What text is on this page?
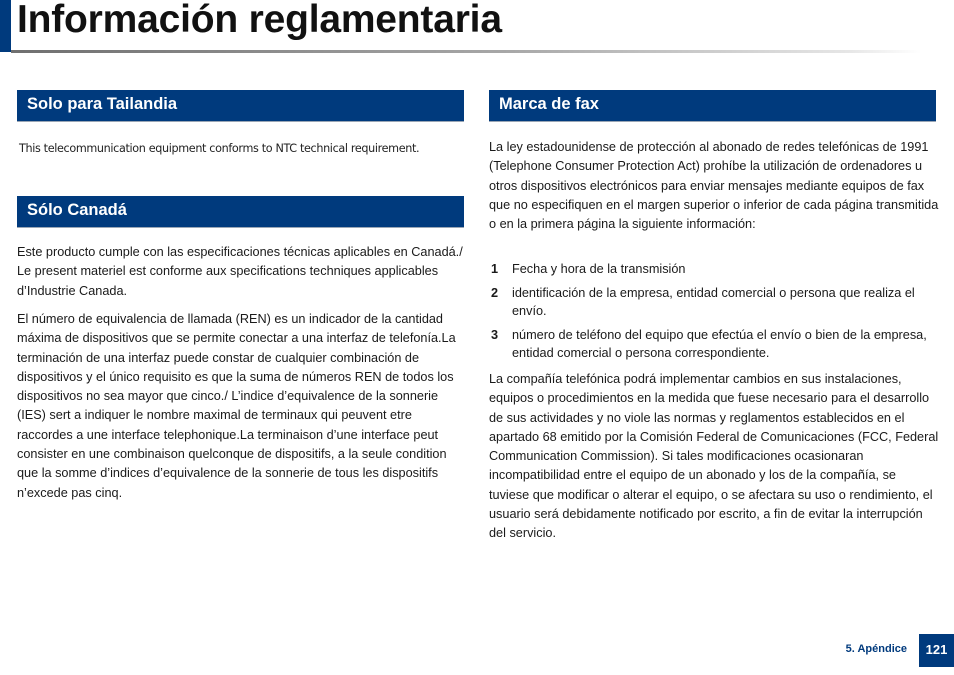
Información reglamentaria
Solo para Tailandia
This telecommunication equipment conforms to NTC technical requirement.
Sólo Canadá

Este producto cumple con las especificaciones técnicas aplicables en Canadá./ Le present materiel est conforme aux specifications techniques applicables d’Industrie Canada.

El número de equivalencia de llamada (REN) es un indicador de la cantidad máxima de dispositivos que se permite conectar a una interfaz de telefonía.La terminación de una interfaz puede constar de cualquier combinación de dispositivos y el único requisito es que la suma de números REN de todos los dispositivos no sea mayor que cinco./ L’indice d’equivalence de la sonnerie (IES) sert a indiquer le nombre maximal de terminaux qui peuvent etre raccordes a une interface telephonique.La terminaison d’une interface peut consister en une combinaison quelconque de dispositifs, a la seule condition que la somme d’indices d’equivalence de la sonnerie de tous les dispositifs n’excede pas cinq.

Marca de fax

La ley estadounidense de protección al abonado de redes telefónicas de 1991 (Telephone Consumer Protection Act) prohíbe la utilización de ordenadores u otros dispositivos electrónicos para enviar mensajes mediante equipos de fax que no especifiquen en el margen superior o inferior de cada página transmitida o en la primera página la siguiente información:

1 Fecha y hora de la transmisión
2 identificación de la empresa, entidad comercial o persona que realiza el envío.
3 número de teléfono del equipo que efectúa el envío o bien de la empresa, entidad comercial o persona correspondiente.

La compañía telefónica podrá implementar cambios en sus instalaciones, equipos o procedimientos en la medida que fuese necesario para el desarrollo de sus actividades y no viole las normas y reglamentos establecidos en el apartado 68 emitido por la Comisión Federal de Comunicaciones (FCC, Federal Communication Commission). Si tales modificaciones ocasionaran incompatibilidad entre el equipo de un abonado y los de la compañía, se tuviese que modificar o alterar el equipo, o se afectara su uso o rendimiento, el usuario será debidamente notificado por escrito, a fin de evitar la interrupción del servicio.

5. Apéndice	121
